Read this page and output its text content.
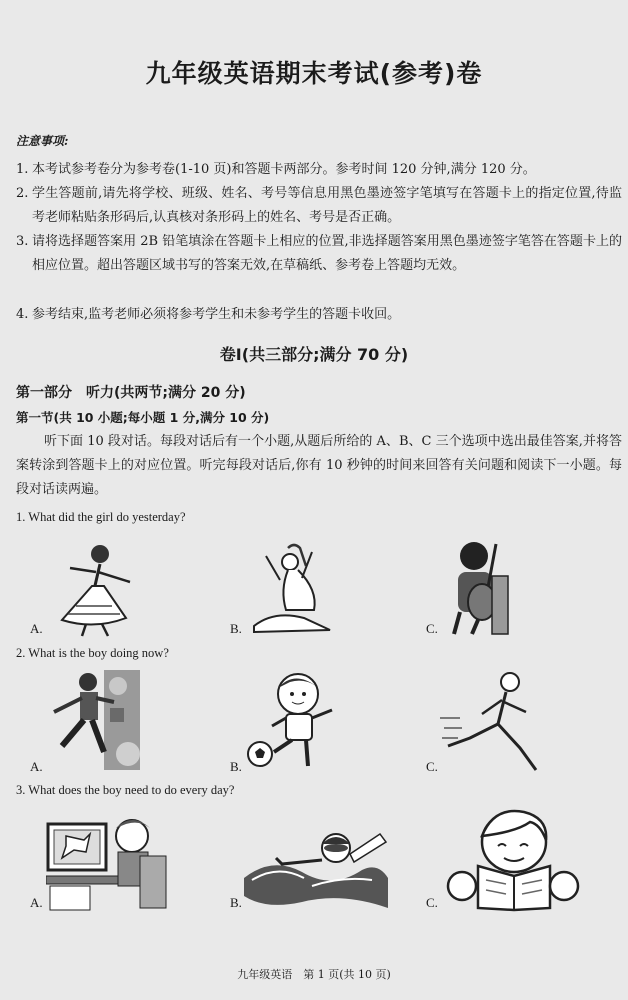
九年级英语期末考试(参考)卷
注意事项:
1. 本考试参考卷分为参考卷(1-10 页)和答题卡两部分。参考时间 120 分钟,满分 120 分。
2. 学生答题前,请先将学校、班级、姓名、考号等信息用黑色墨迹签字笔填写在答题卡上的指定位置,待监考老师粘贴条形码后,认真核对条形码上的姓名、考号是否正确。
3. 请将选择题答案用 2B 铅笔填涂在答题卡上相应的位置,非选择题答案用黑色墨迹签字笔答在答题卡上的相应位置。超出答题区域书写的答案无效,在草稿纸、参考卷上答题均无效。
4. 参考结束,监考老师必须将参考学生和未参考学生的答题卡收回。
卷Ⅰ(共三部分;满分 70 分)
第一部分　听力(共两节;满分 20 分)
第一节(共 10 小题;每小题 1 分,满分 10 分)
听下面 10 段对话。每段对话后有一个小题,从题后所给的 A、B、C 三个选项中选出最佳答案,并将答案转涂到答题卡上的对应位置。听完每段对话后,你有 10 秒钟的时间来回答有关问题和阅读下一小题。每段对话读两遍。
1. What did the girl do yesterday?
A.	B.	C.
2. What is the boy doing now?
A.	B.	C.
3. What does the boy need to do every day?
A.	B.	C.
九年级英语　第 1 页(共 10 页)
